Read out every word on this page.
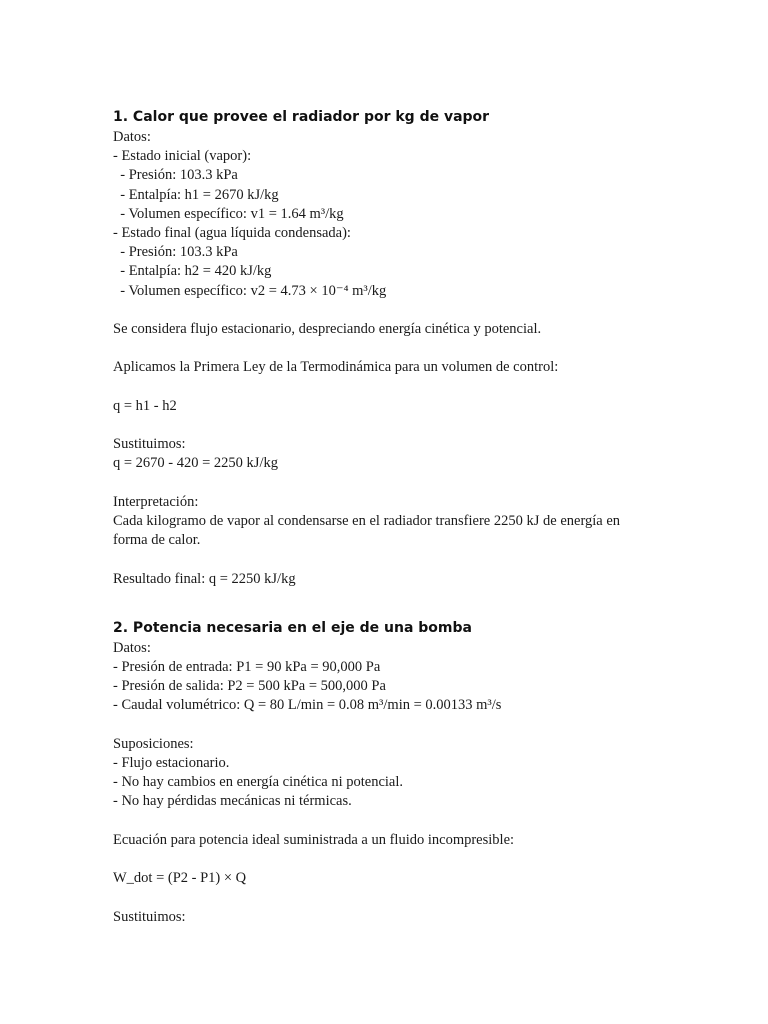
1. Calor que provee el radiador por kg de vapor

Datos:

- Estado inicial (vapor):

- Presión: 103.3 kPa

- Entalpía: h1 = 2670 kJ/kg

- Volumen específico: v1 = 1.64 m³/kg

- Estado final (agua líquida condensada):

- Presión: 103.3 kPa

- Entalpía: h2 = 420 kJ/kg

- Volumen específico: v2 = 4.73 × 10⁻⁴ m³/kg

Se considera flujo estacionario, despreciando energía cinética y potencial.

Aplicamos la Primera Ley de la Termodinámica para un volumen de control:

q = h1 - h2

Sustituimos:

q = 2670 - 420 = 2250 kJ/kg

Interpretación:

Cada kilogramo de vapor al condensarse en el radiador transfiere 2250 kJ de energía en forma de calor.

Resultado final: q = 2250 kJ/kg

2. Potencia necesaria en el eje de una bomba

Datos:

- Presión de entrada: P1 = 90 kPa = 90,000 Pa

- Presión de salida: P2 = 500 kPa = 500,000 Pa

- Caudal volumétrico: Q = 80 L/min = 0.08 m³/min = 0.00133 m³/s

Suposiciones:

- Flujo estacionario.

- No hay cambios en energía cinética ni potencial.

- No hay pérdidas mecánicas ni térmicas.

Ecuación para potencia ideal suministrada a un fluido incompresible:

W_dot = (P2 - P1) × Q

Sustituimos:
